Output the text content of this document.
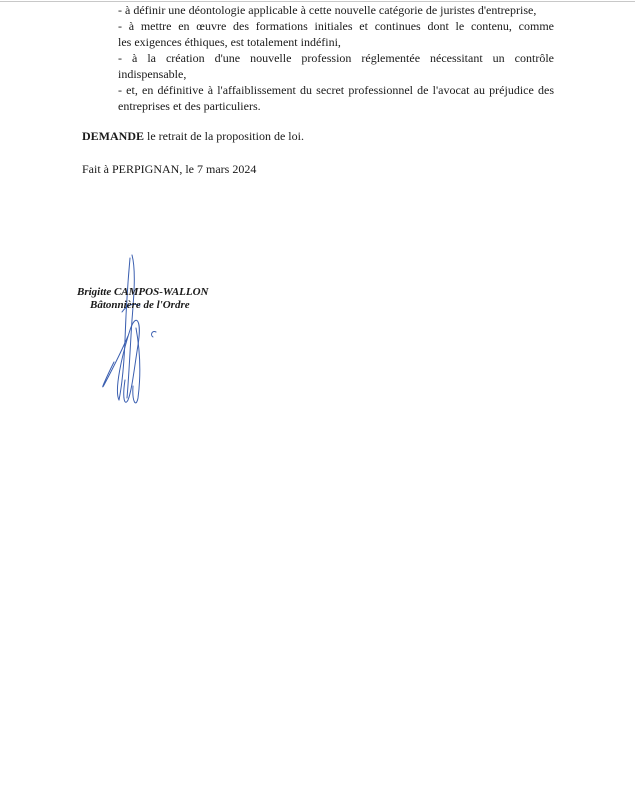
- à définir une déontologie applicable à cette nouvelle catégorie de juristes d'entreprise,

- à mettre en œuvre des formations initiales et continues dont le contenu, comme
les exigences éthiques, est totalement indéfini,

- à la création d'une nouvelle profession réglementée nécessitant un contrôle
indispensable,

- et, en définitive à l'affaiblissement du secret professionnel de l'avocat au préjudice des
entreprises et des particuliers.

DEMANDE le retrait de la proposition de loi.
Fait à PERPIGNAN, le 7 mars 2024
Brigitte CAMPOS-WALLON
Bâtonnière de l'Ordre
